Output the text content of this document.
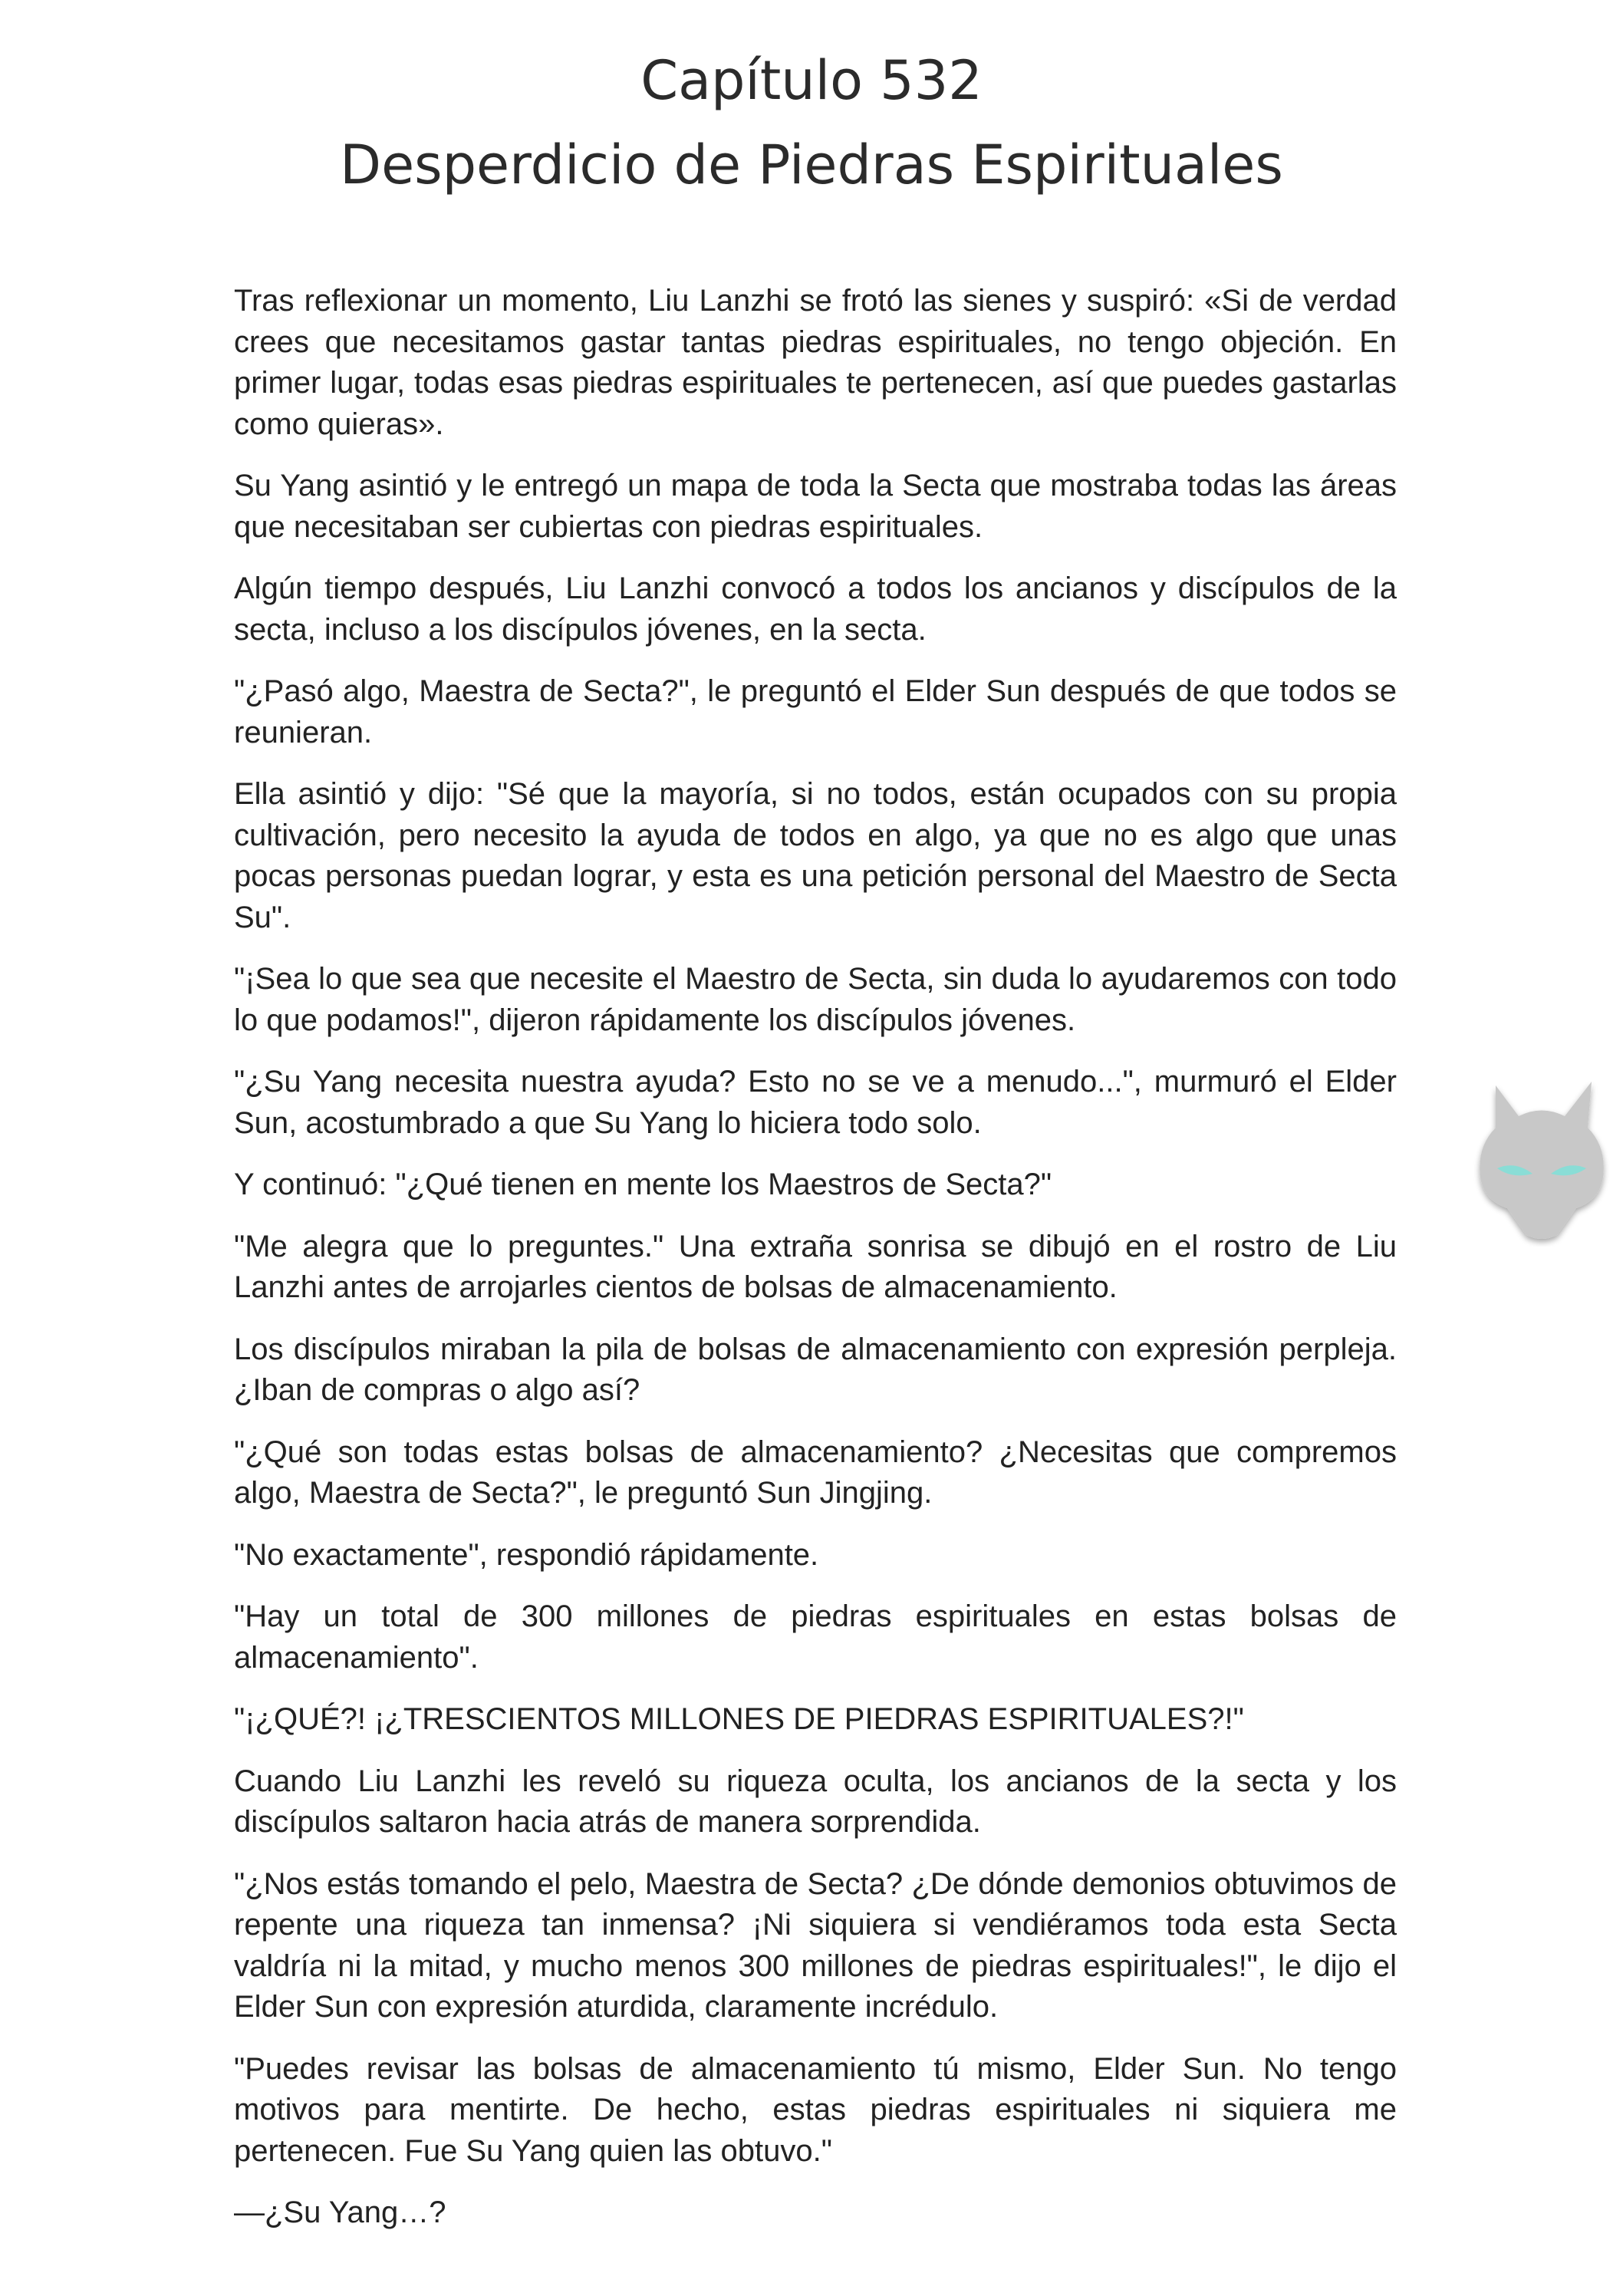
Capítulo 532
Desperdicio de Piedras Espirituales

Tras reflexionar un momento, Liu Lanzhi se frotó las sienes y suspiró: «Si de verdad crees que necesitamos gastar tantas piedras espirituales, no tengo objeción. En primer lugar, todas esas piedras espirituales te pertenecen, así que puedes gastarlas como quieras».

Su Yang asintió y le entregó un mapa de toda la Secta que mostraba todas las áreas que necesitaban ser cubiertas con piedras espirituales.

Algún tiempo después, Liu Lanzhi convocó a todos los ancianos y discípulos de la secta, incluso a los discípulos jóvenes, en la secta.

"¿Pasó algo, Maestra de Secta?", le preguntó el Elder Sun después de que todos se reunieran.

Ella asintió y dijo: "Sé que la mayoría, si no todos, están ocupados con su propia cultivación, pero necesito la ayuda de todos en algo, ya que no es algo que unas pocas personas puedan lograr, y esta es una petición personal del Maestro de Secta Su".

"¡Sea lo que sea que necesite el Maestro de Secta, sin duda lo ayudaremos con todo lo que podamos!", dijeron rápidamente los discípulos jóvenes.

"¿Su Yang necesita nuestra ayuda? Esto no se ve a menudo...", murmuró el Elder Sun, acostumbrado a que Su Yang lo hiciera todo solo.

Y continuó: "¿Qué tienen en mente los Maestros de Secta?"

"Me alegra que lo preguntes." Una extraña sonrisa se dibujó en el rostro de Liu Lanzhi antes de arrojarles cientos de bolsas de almacenamiento.

Los discípulos miraban la pila de bolsas de almacenamiento con expresión perpleja. ¿Iban de compras o algo así?

"¿Qué son todas estas bolsas de almacenamiento? ¿Necesitas que compremos algo, Maestra de Secta?", le preguntó Sun Jingjing.

"No exactamente", respondió rápidamente.

"Hay un total de 300 millones de piedras espirituales en estas bolsas de almacenamiento".

"¡¿QUÉ?! ¡¿TRESCIENTOS MILLONES DE PIEDRAS ESPIRITUALES?!"

Cuando Liu Lanzhi les reveló su riqueza oculta, los ancianos de la secta y los discípulos saltaron hacia atrás de manera sorprendida.

"¿Nos estás tomando el pelo, Maestra de Secta? ¿De dónde demonios obtuvimos de repente una riqueza tan inmensa? ¡Ni siquiera si vendiéramos toda esta Secta valdría ni la mitad, y mucho menos 300 millones de piedras espirituales!", le dijo el Elder Sun con expresión aturdida, claramente incrédulo.

"Puedes revisar las bolsas de almacenamiento tú mismo, Elder Sun. No tengo motivos para mentirte. De hecho, estas piedras espirituales ni siquiera me pertenecen. Fue Su Yang quien las obtuvo."

—¿Su Yang…?
